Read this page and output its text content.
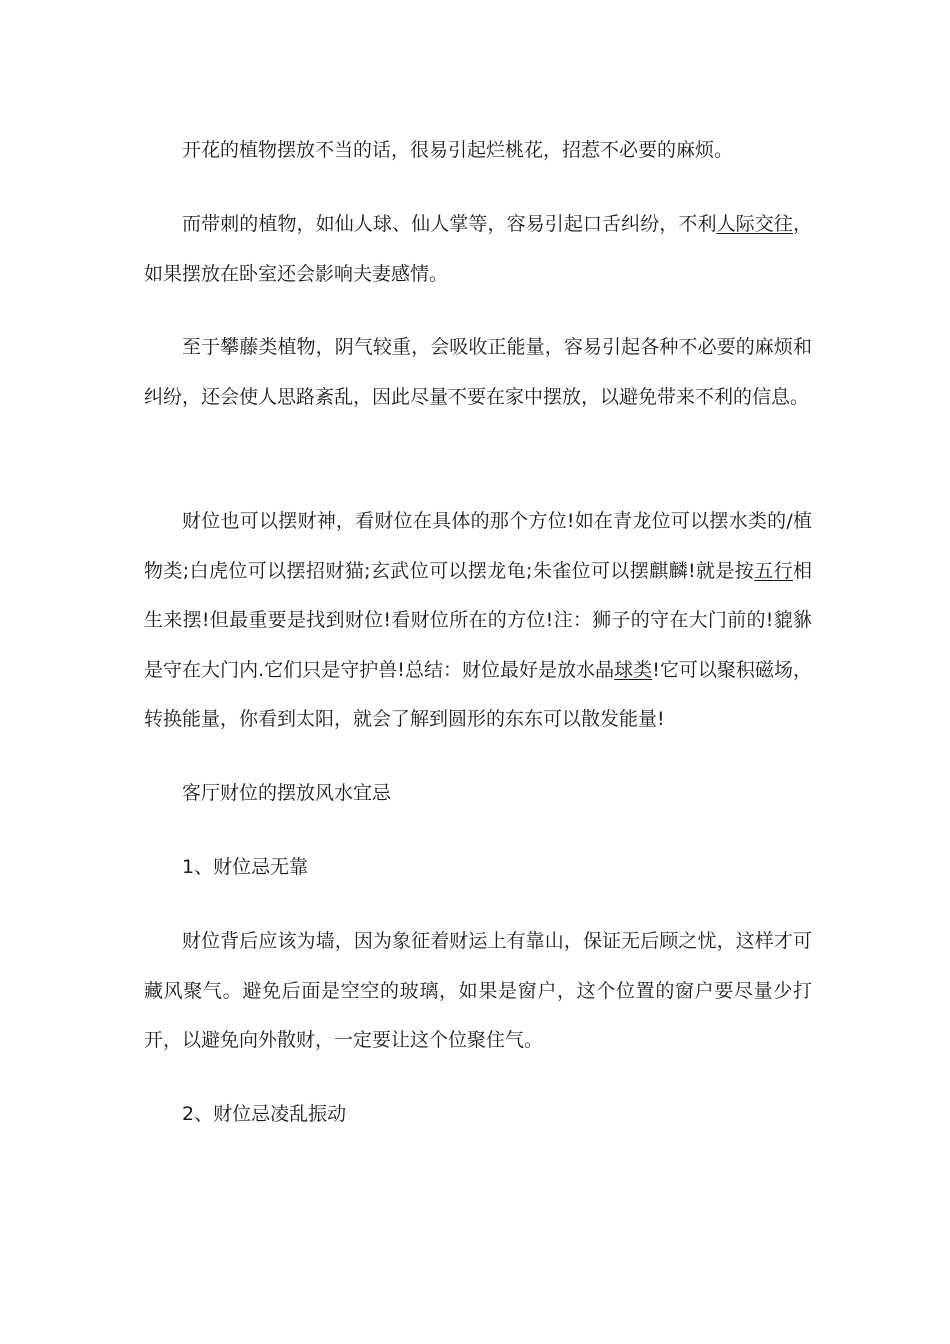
开花的植物摆放不当的话，很易引起烂桃花，招惹不必要的麻烦。

而带刺的植物，如仙人球、仙人掌等，容易引起口舌纠纷，不利人际交往，如果摆放在卧室还会影响夫妻感情。

至于攀藤类植物，阴气较重，会吸收正能量，容易引起各种不必要的麻烦和纠纷，还会使人思路紊乱，因此尽量不要在家中摆放，以避免带来不利的信息。

财位也可以摆财神，看财位在具体的那个方位!如在青龙位可以摆水类的/植物类;白虎位可以摆招财猫;玄武位可以摆龙龟;朱雀位可以摆麒麟!就是按五行相生来摆!但最重要是找到财位!看财位所在的方位!注：狮子的守在大门前的!貔貅是守在大门内.它们只是守护兽!总结：财位最好是放水晶球类!它可以聚积磁场，转换能量，你看到太阳，就会了解到圆形的东东可以散发能量!

客厅财位的摆放风水宜忌

1、财位忌无靠

财位背后应该为墙，因为象征着财运上有靠山，保证无后顾之忧，这样才可藏风聚气。避免后面是空空的玻璃，如果是窗户，这个位置的窗户要尽量少打开，以避免向外散财，一定要让这个位聚住气。

2、财位忌凌乱振动
